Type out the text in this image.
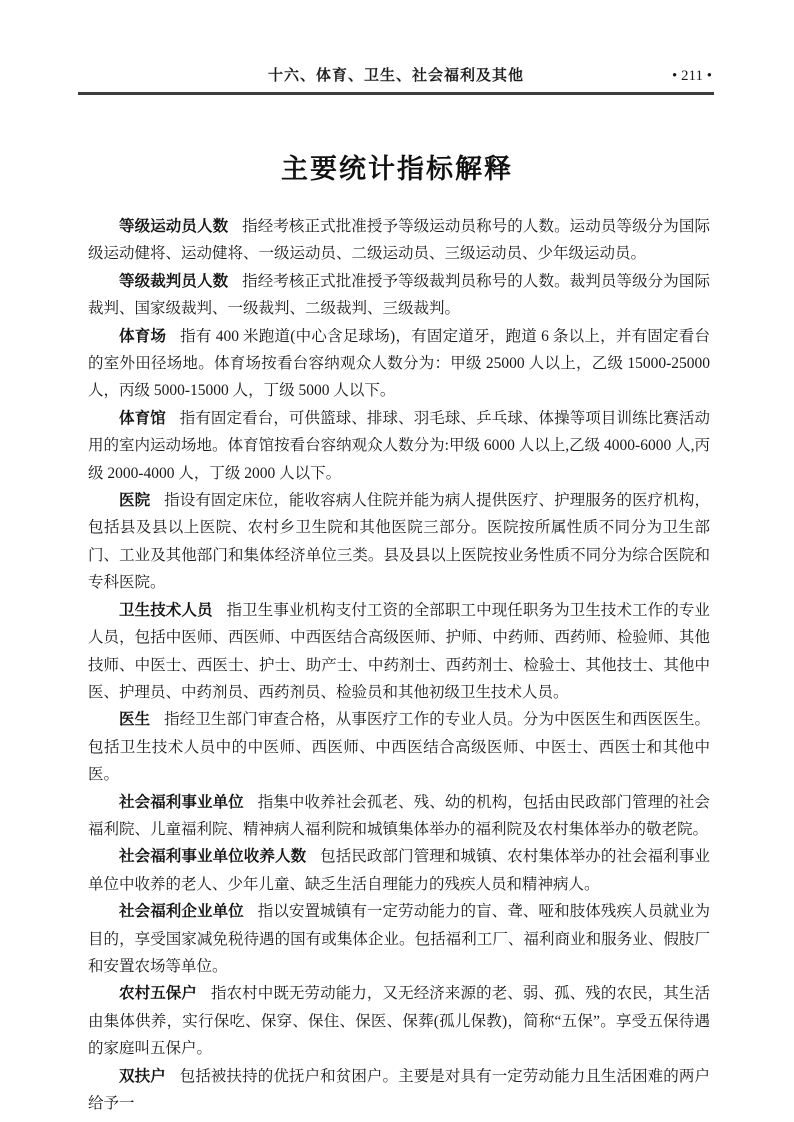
十六、体育、卫生、社会福利及其他	• 211 •
主要统计指标解释

等级运动员人数 指经考核正式批准授予等级运动员称号的人数。运动员等级分为国际级运动健将、运动健将、一级运动员、二级运动员、三级运动员、少年级运动员。

等级裁判员人数 指经考核正式批准授予等级裁判员称号的人数。裁判员等级分为国际裁判、国家级裁判、一级裁判、二级裁判、三级裁判。

体育场 指有 400 米跑道(中心含足球场)，有固定道牙，跑道 6 条以上，并有固定看台的室外田径场地。体育场按看台容纳观众人数分为：甲级 25000 人以上，乙级 15000-25000 人，丙级 5000-15000 人，丁级 5000 人以下。

体育馆 指有固定看台，可供篮球、排球、羽毛球、乒乓球、体操等项目训练比赛活动用的室内运动场地。体育馆按看台容纳观众人数分为:甲级 6000 人以上,乙级 4000-6000 人,丙级 2000-4000 人，丁级 2000 人以下。

医院 指设有固定床位，能收容病人住院并能为病人提供医疗、护理服务的医疗机构，包括县及县以上医院、农村乡卫生院和其他医院三部分。医院按所属性质不同分为卫生部门、工业及其他部门和集体经济单位三类。县及县以上医院按业务性质不同分为综合医院和专科医院。

卫生技术人员 指卫生事业机构支付工资的全部职工中现任职务为卫生技术工作的专业人员，包括中医师、西医师、中西医结合高级医师、护师、中药师、西药师、检验师、其他技师、中医士、西医士、护士、助产士、中药剂士、西药剂士、检验士、其他技士、其他中医、护理员、中药剂员、西药剂员、检验员和其他初级卫生技术人员。

医生 指经卫生部门审查合格，从事医疗工作的专业人员。分为中医医生和西医医生。包括卫生技术人员中的中医师、西医师、中西医结合高级医师、中医士、西医士和其他中医。

社会福利事业单位 指集中收养社会孤老、残、幼的机构，包括由民政部门管理的社会福利院、儿童福利院、精神病人福利院和城镇集体举办的福利院及农村集体举办的敬老院。

社会福利事业单位收养人数 包括民政部门管理和城镇、农村集体举办的社会福利事业单位中收养的老人、少年儿童、缺乏生活自理能力的残疾人员和精神病人。

社会福利企业单位 指以安置城镇有一定劳动能力的盲、聋、哑和肢体残疾人员就业为目的，享受国家减免税待遇的国有或集体企业。包括福利工厂、福利商业和服务业、假肢厂和安置农场等单位。

农村五保户 指农村中既无劳动能力，又无经济来源的老、弱、孤、残的农民，其生活由集体供养，实行保吃、保穿、保住、保医、保葬(孤儿保教)，简称“五保”。享受五保待遇的家庭叫五保户。

双扶户 包括被扶持的优抚户和贫困户。主要是对具有一定劳动能力且生活困难的两户给予一
